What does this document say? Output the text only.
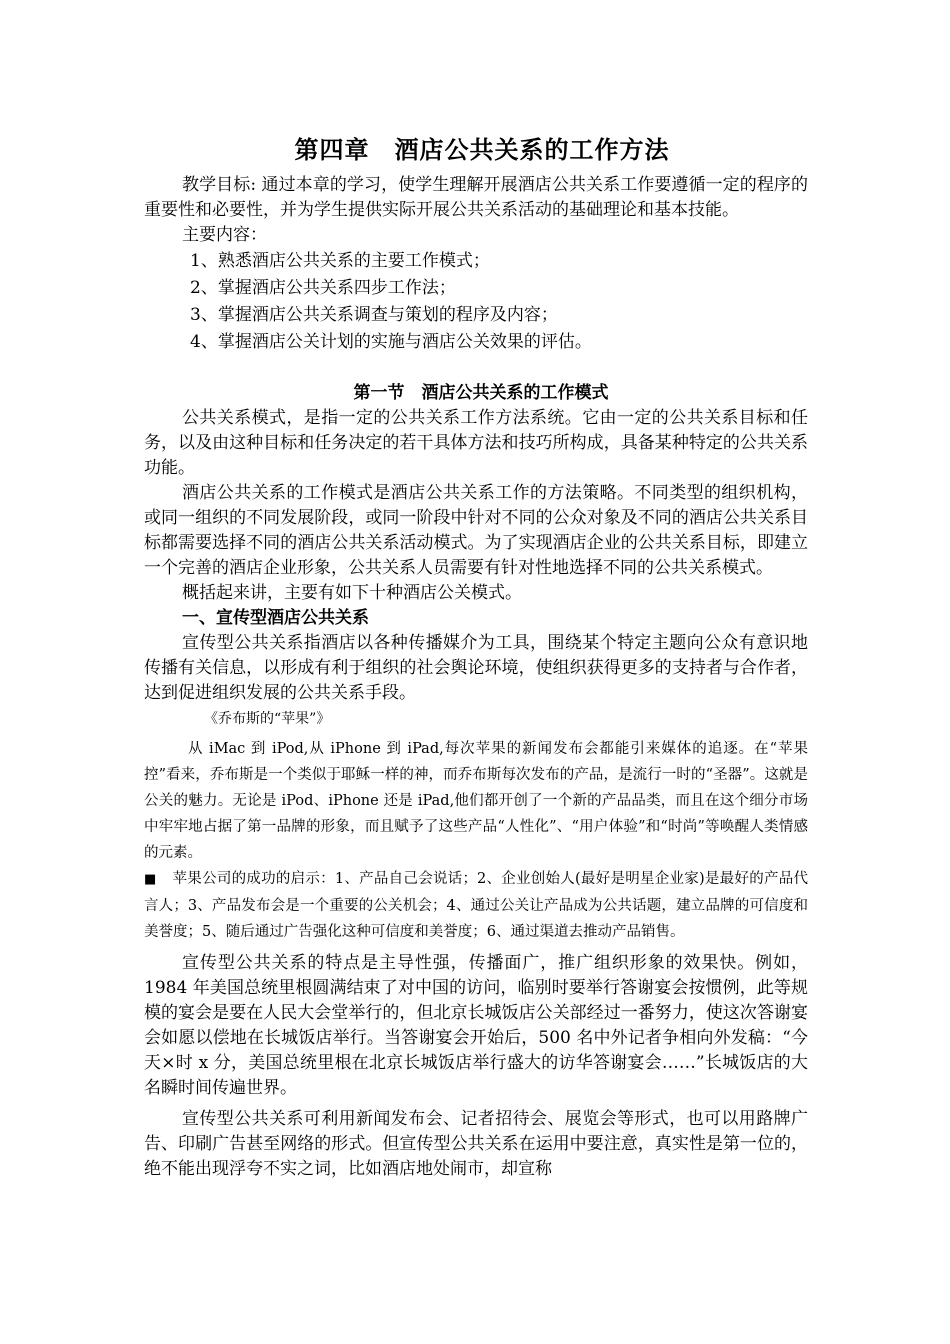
第四章　酒店公共关系的工作方法

教学目标: 通过本章的学习，使学生理解开展酒店公共关系工作要遵循一定的程序的重要性和必要性，并为学生提供实际开展公共关系活动的基础理论和基本技能。

主要内容：

1、熟悉酒店公共关系的主要工作模式；
2、掌握酒店公共关系四步工作法；
3、掌握酒店公共关系调查与策划的程序及内容；
4、掌握酒店公关计划的实施与酒店公关效果的评估。
第一节　酒店公共关系的工作模式

公共关系模式，是指一定的公共关系工作方法系统。它由一定的公共关系目标和任务，以及由这种目标和任务决定的若干具体方法和技巧所构成，具备某种特定的公共关系功能。

酒店公共关系的工作模式是酒店公共关系工作的方法策略。不同类型的组织机构，或同一组织的不同发展阶段，或同一阶段中针对不同的公众对象及不同的酒店公共关系目标都需要选择不同的酒店公共关系活动模式。为了实现酒店企业的公共关系目标，即建立一个完善的酒店企业形象，公共关系人员需要有针对性地选择不同的公共关系模式。

概括起来讲，主要有如下十种酒店公关模式。

一、宣传型酒店公共关系

宣传型公共关系指酒店以各种传播媒介为工具，围绕某个特定主题向公众有意识地传播有关信息，以形成有利于组织的社会舆论环境，使组织获得更多的支持者与合作者，达到促进组织发展的公共关系手段。

《乔布斯的“苹果”》

从 iMac 到 iPod,从 iPhone 到 iPad,每次苹果的新闻发布会都能引来媒体的追逐。在“苹果控”看来，乔布斯是一个类似于耶稣一样的神，而乔布斯每次发布的产品，是流行一时的“圣器”。这就是公关的魅力。无论是 iPod、iPhone 还是 iPad,他们都开创了一个新的产品品类，而且在这个细分市场中牢牢地占据了第一品牌的形象，而且赋予了这些产品“人性化”、“用户体验”和“时尚”等唤醒人类情感的元素。

■ 苹果公司的成功的启示：1、产品自己会说话；2、企业创始人(最好是明星企业家)是最好的产品代言人；3、产品发布会是一个重要的公关机会；4、通过公关让产品成为公共话题，建立品牌的可信度和美誉度；5、随后通过广告强化这种可信度和美誉度；6、通过渠道去推动产品销售。

宣传型公共关系的特点是主导性强，传播面广，推广组织形象的效果快。例如，1984 年美国总统里根圆满结束了对中国的访问，临别时要举行答谢宴会按惯例，此等规模的宴会是要在人民大会堂举行的，但北京长城饭店公关部经过一番努力，使这次答谢宴会如愿以偿地在长城饭店举行。当答谢宴会开始后，500 名中外记者争相向外发稿：“今天×时 x 分，美国总统里根在北京长城饭店举行盛大的访华答谢宴会……”长城饭店的大名瞬时间传遍世界。

宣传型公共关系可利用新闻发布会、记者招待会、展览会等形式，也可以用路牌广告、印刷广告甚至网络的形式。但宣传型公共关系在运用中要注意，真实性是第一位的，绝不能出现浮夸不实之词，比如酒店地处闹市，却宣称
